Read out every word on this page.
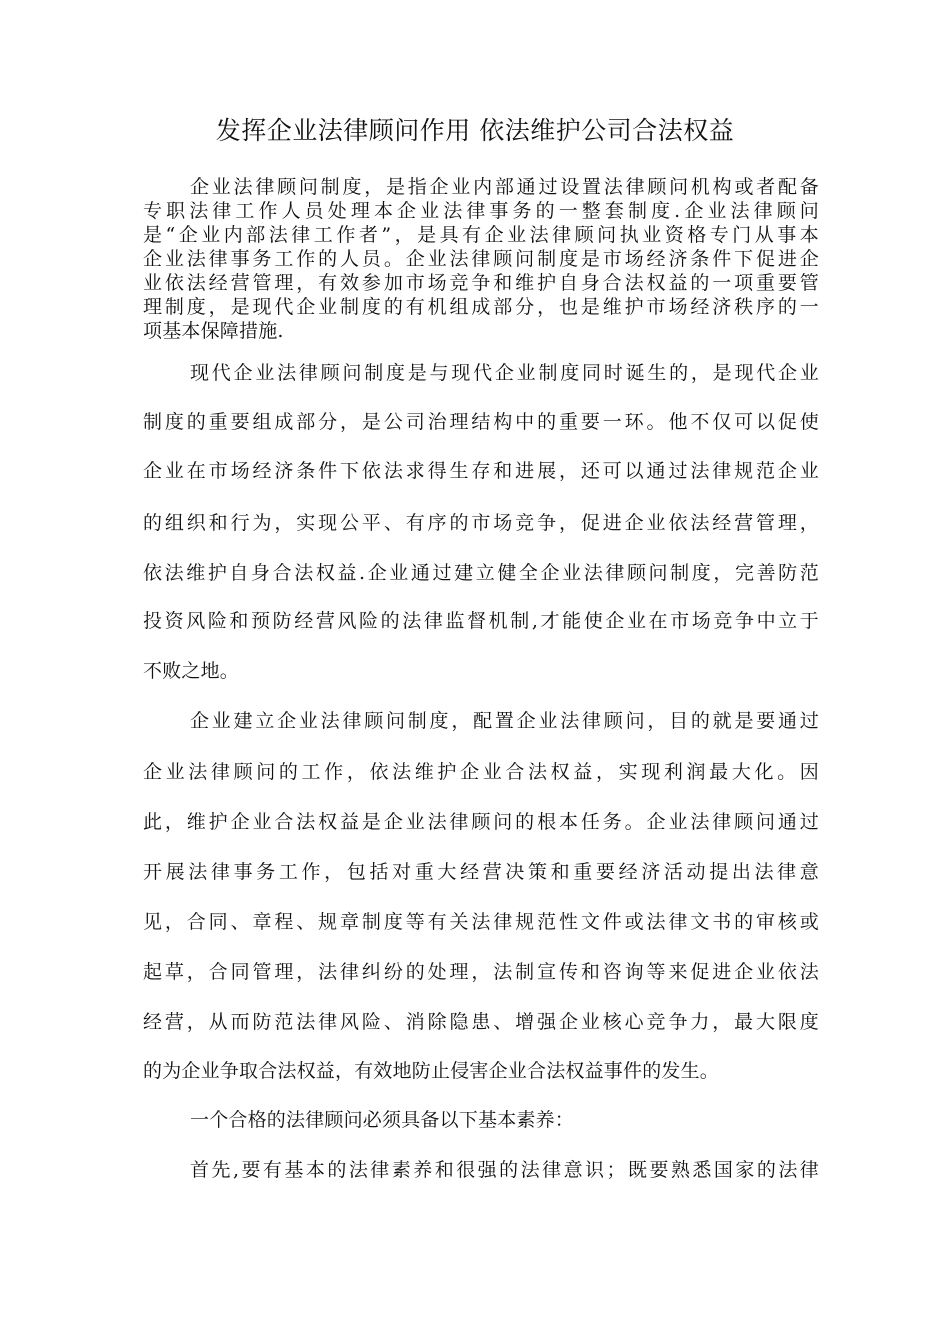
发挥企业法律顾问作用 依法维护公司合法权益
企业法律顾问制度，是指企业内部通过设置法律顾问机构或者配备
专职法律工作人员处理本企业法律事务的一整套制度.企业法律顾问
是“企业内部法律工作者”，是具有企业法律顾问执业资格专门从事本
企业法律事务工作的人员。企业法律顾问制度是市场经济条件下促进企
业依法经营管理，有效参加市场竞争和维护自身合法权益的一项重要管
理制度，是现代企业制度的有机组成部分，也是维护市场经济秩序的一
项基本保障措施.
现代企业法律顾问制度是与现代企业制度同时诞生的，是现代企业
制度的重要组成部分，是公司治理结构中的重要一环。他不仅可以促使
企业在市场经济条件下依法求得生存和进展，还可以通过法律规范企业
的组织和行为，实现公平、有序的市场竞争，促进企业依法经营管理，
依法维护自身合法权益.企业通过建立健全企业法律顾问制度，完善防范
投资风险和预防经营风险的法律监督机制,才能使企业在市场竞争中立于
不败之地。
企业建立企业法律顾问制度，配置企业法律顾问，目的就是要通过
企业法律顾问的工作，依法维护企业合法权益，实现利润最大化。因
此，维护企业合法权益是企业法律顾问的根本任务。企业法律顾问通过
开展法律事务工作，包括对重大经营决策和重要经济活动提出法律意
见，合同、章程、规章制度等有关法律规范性文件或法律文书的审核或
起草，合同管理，法律纠纷的处理，法制宣传和咨询等来促进企业依法
经营，从而防范法律风险、消除隐患、增强企业核心竞争力，最大限度
的为企业争取合法权益，有效地防止侵害企业合法权益事件的发生。
一个合格的法律顾问必须具备以下基本素养：
首先,要有基本的法律素养和很强的法律意识；既要熟悉国家的法律
